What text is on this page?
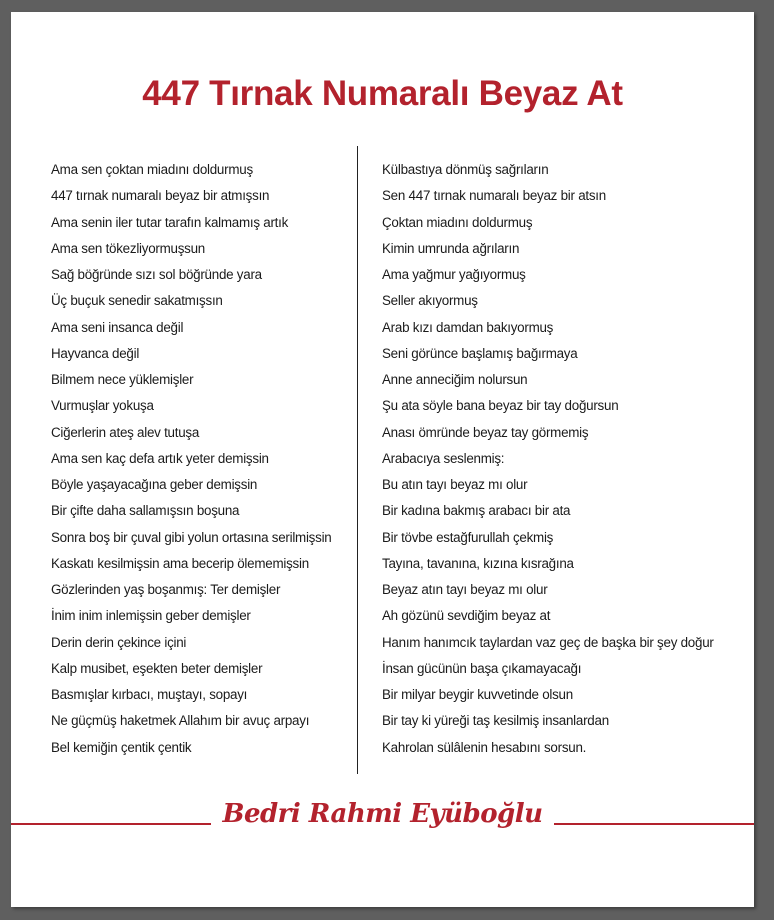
447 Tırnak Numaralı Beyaz At
Ama sen çoktan miadını doldurmuş
447 tırnak numaralı beyaz bir atmışsın
Ama senin iler tutar tarafın kalmamış artık
Ama sen tökezliyormuşsun
Sağ böğründe sızı sol böğründe yara
Üç buçuk senedir sakatmışsın
Ama seni insanca değil
Hayvanca değil
Bilmem nece yüklemişler
Vurmuşlar yokuşa
Ciğerlerin ateş alev tutuşa
Ama sen kaç defa artık yeter demişsin
Böyle yaşayacağına geber demişsin
Bir çifte daha sallamışsın boşuna
Sonra boş bir çuval gibi yolun ortasına serilmişsin
Kaskatı kesilmişsin ama becerip ölememişsin
Gözlerinden yaş boşanmış: Ter demişler
İnim inim inlemişsin geber demişler
Derin derin çekince içini
Kalp musibet, eşekten beter demişler
Basmışlar kırbacı, muştayı, sopayı
Ne güçmüş haketmek Allahım bir avuç arpayı
Bel kemiğin çentik çentik
Külbastıya dönmüş sağrıların
Sen 447 tırnak numaralı beyaz bir atsın
Çoktan miadını doldurmuş
Kimin umrunda ağrıların
Ama yağmur yağıyormuş
Seller akıyormuş
Arab kızı damdan bakıyormuş
Seni görünce başlamış bağırmaya
Anne anneciğim nolursun
Şu ata söyle bana beyaz bir tay doğursun
Anası ömründe beyaz tay görmemiş
Arabacıya seslenmiş:
Bu atın tayı beyaz mı olur
Bir kadına bakmış arabacı bir ata
Bir tövbe estağfurullah çekmiş
Tayına, tavanına, kızına kısrağına
Beyaz atın tayı beyaz mı olur
Ah gözünü sevdiğim beyaz at
Hanım hanımcık taylardan vaz geç de başka bir şey doğur
İnsan gücünün başa çıkamayacağı
Bir milyar beygir kuvvetinde olsun
Bir tay ki yüreği taş kesilmiş insanlardan
Kahrolan sülâlenin hesabını sorsun.
Bedri Rahmi Eyüboğlu
